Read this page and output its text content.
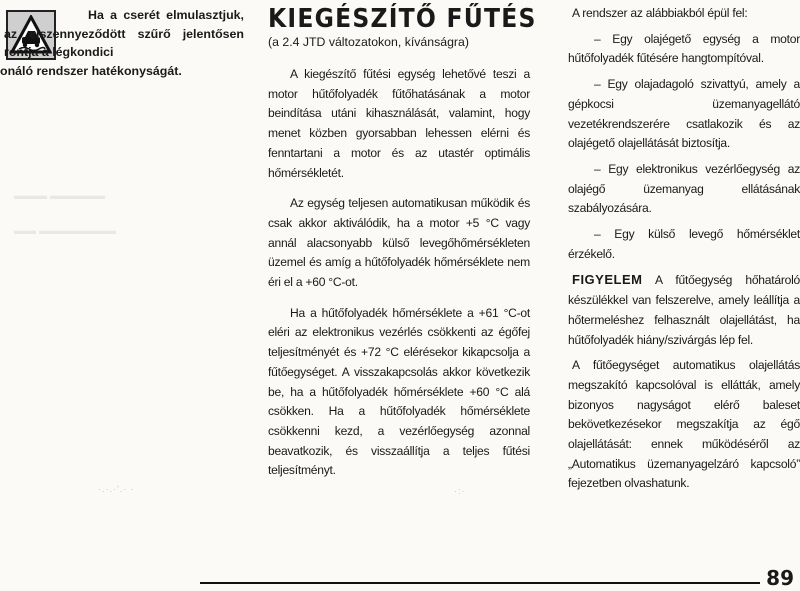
Ha a cserét elmulasztjuk, az elszennyeződött szűrő jelentősen rontja a légkondici
onáló rendszer hatékonyságát.

▬▬▬ ▬▬▬▬▬
▬▬ ▬▬▬▬▬▬▬
·.·.·'.· ·
KIEGÉSZÍTŐ FŰTÉS

(a 2.4 JTD változatokon, kívánságra)

A kiegészítő fűtési egység lehetővé teszi a motor hűtőfolyadék fűtőhatásának a motor beindítása utáni kihasználását, valamint, hogy menet közben gyorsabban lehessen elérni és fenntartani a motor és az utastér optimális hőmérsékletét.

Az egység teljesen automatikusan működik és csak akkor aktiválódik, ha a motor +5 °C vagy annál alacsonyabb külső levegőhőmérsékleten üzemel és amíg a hűtőfolyadék hőmérséklete nem éri el a +60 °C-ot.

Ha a hűtőfolyadék hőmérséklete a +61 °C-ot eléri az elektronikus vezérlés csökkenti az égőfej teljesítményét és +72 °C elérésekor kikapcsolja a fűtőegységet. A visszakapcsolás akkor következik be, ha a hűtőfolyadék hőmérséklete +60 °C alá csökken. Ha a hűtőfolyadék hőmérséklete csökkenni kezd, a vezérlőegység azonnal beavatkozik, és visszaállítja a teljes fűtési teljesítményt.

·:·

A rendszer az alábbiakból épül fel:

– Egy olajégető egység a motor hűtőfolyadék fűtésére hangtompítóval.

– Egy olajadagoló szivattyú, amely a gépkocsi üzemanyagellátó vezetékrendszerére csatlakozik és az olajégető olajellátását biztosítja.

– Egy elektronikus vezérlőegység az olajégő üzemanyag ellátásának szabályozására.

– Egy külső levegő hőmérséklet érzékelő.

FIGYELEM A fűtőegység hőhatároló készülékkel van felszerelve, amely leállítja a hőtermeléshez felhasznált olajellátást, ha hűtőfolyadék hiány/szivárgás lép fel.

A fűtőegységet automatikus olajellátás megszakító kapcsolóval is ellátták, amely bizonyos nagyságot elérő baleset bekövetkezésekor megszakítja az égő olajellátását: ennek működéséről az „Automatikus üzemanyagelzáró kapcsoló” fejezetben olvashatunk.

89
